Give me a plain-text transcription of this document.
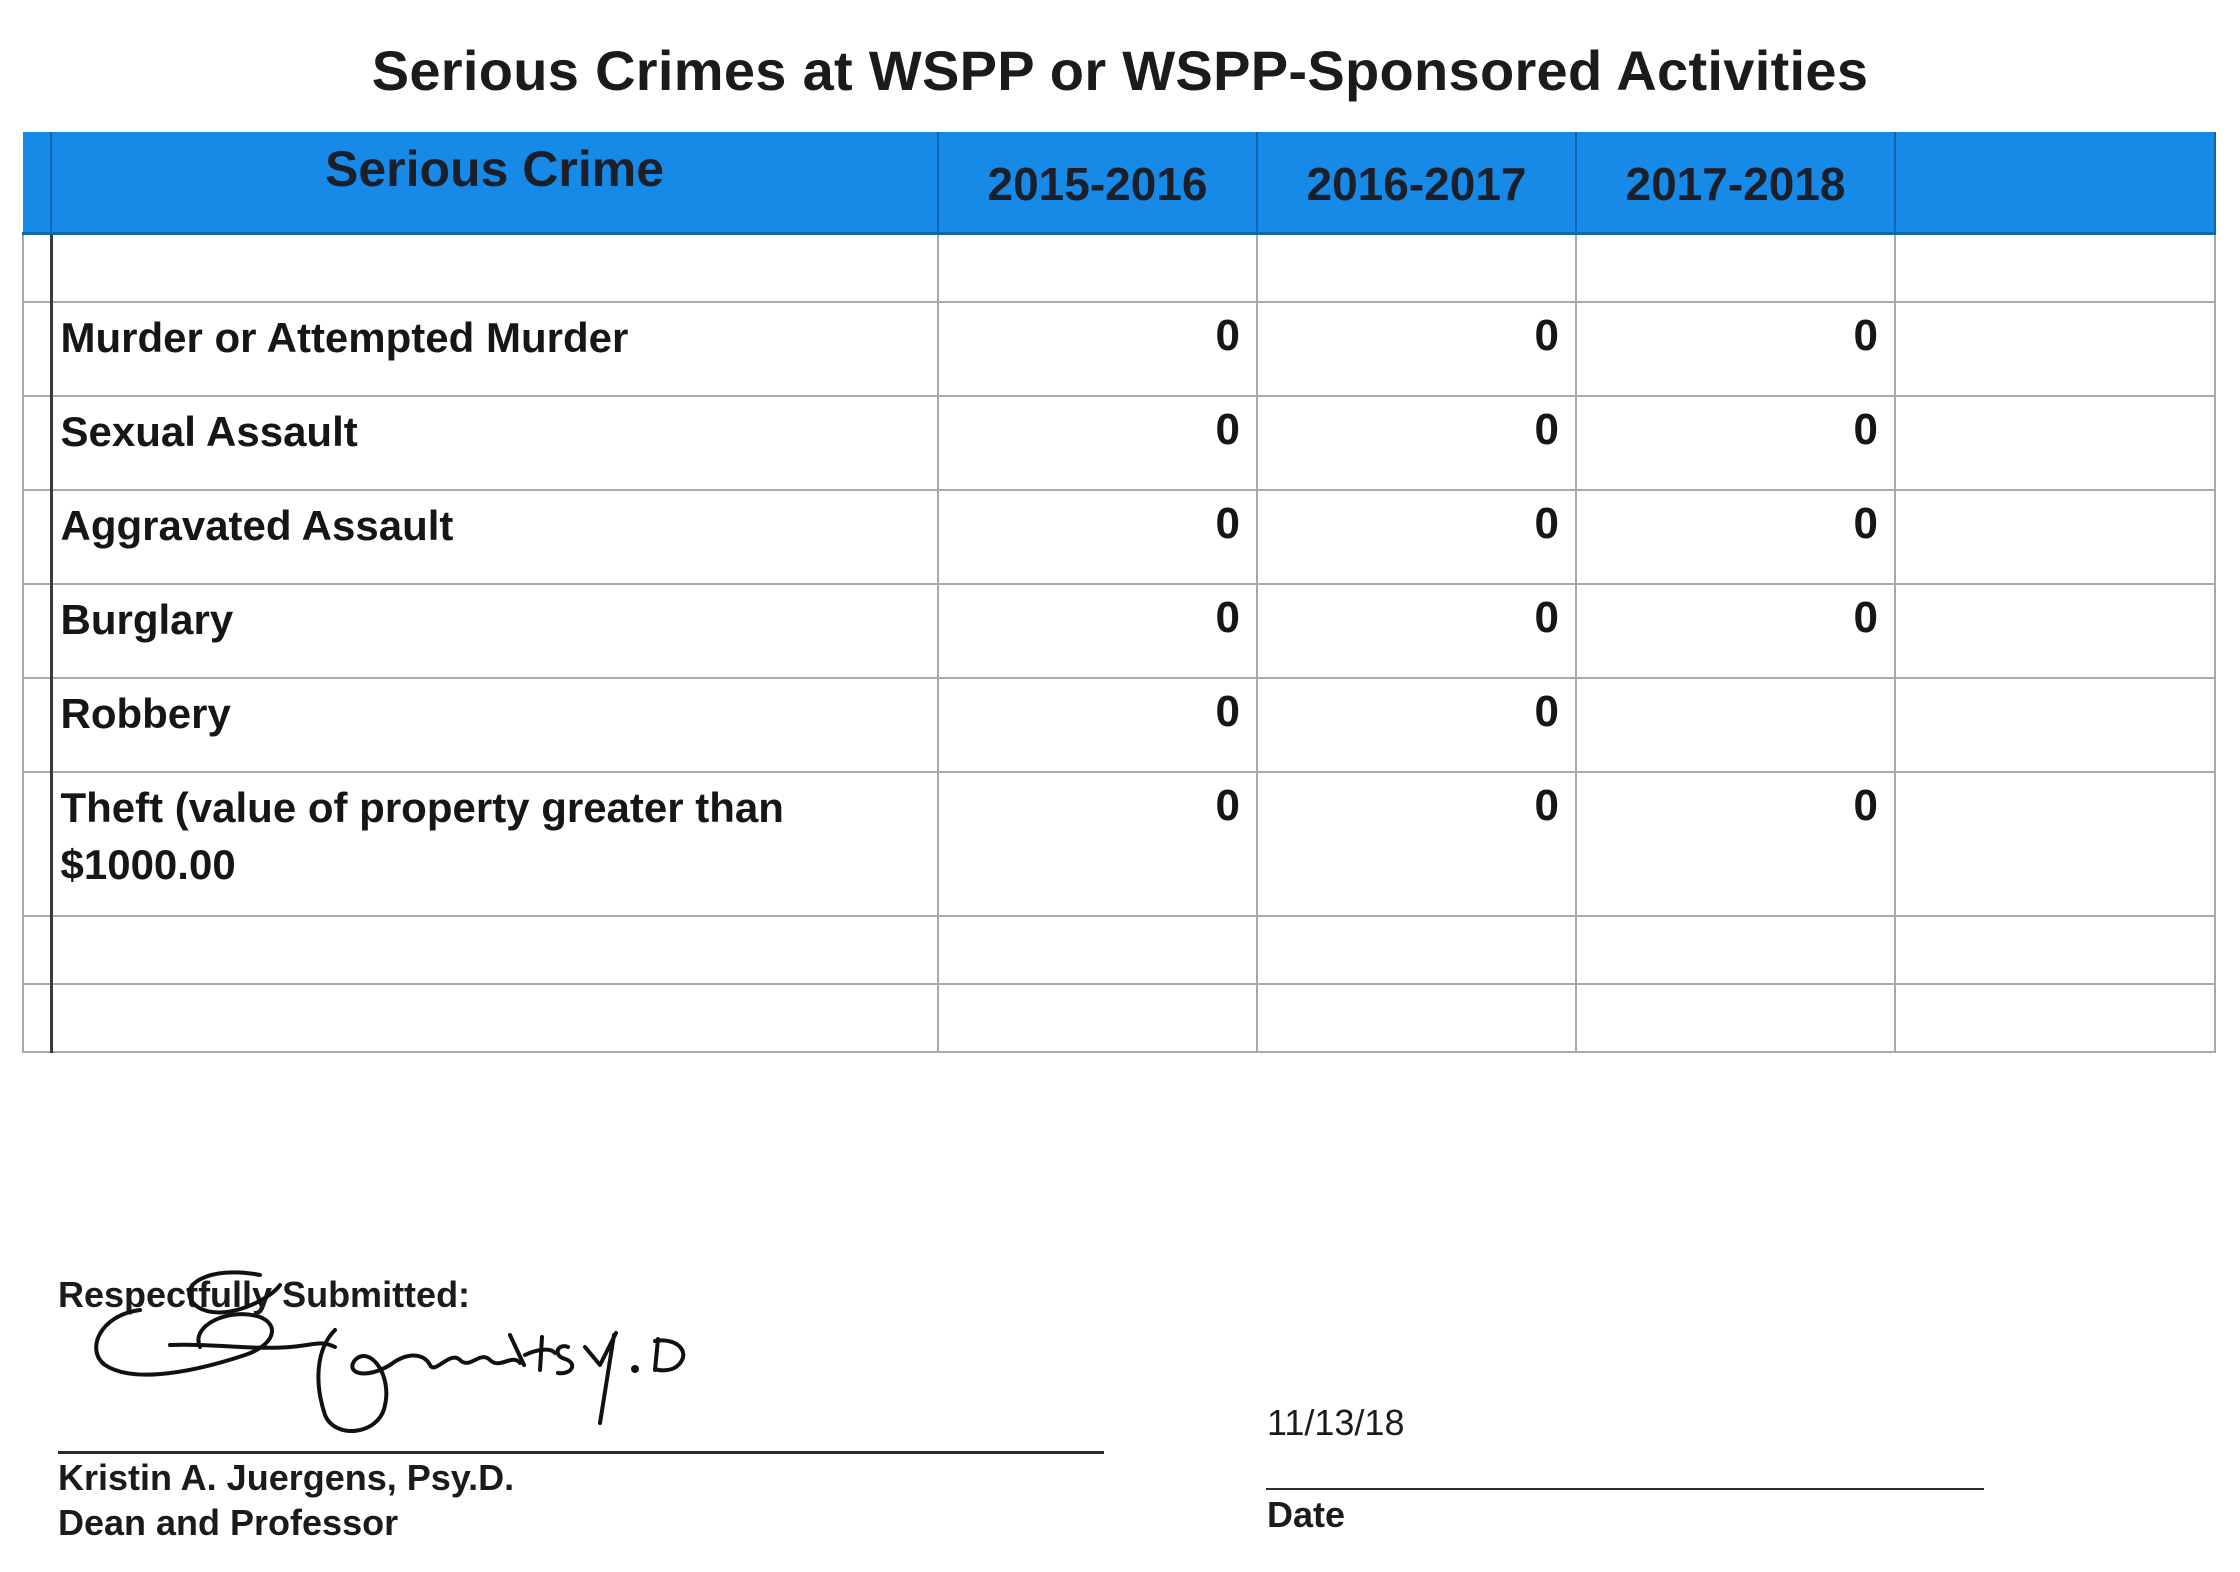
Serious Crimes at WSPP or WSPP-Sponsored Activities
	Serious Crime	2015-2016	2016-2017	2017-2018	

	Murder or Attempted Murder	0	0	0	
	Sexual Assault	0	0	0	
	Aggravated Assault	0	0	0	
	Burglary	0	0	0	
	Robbery	0	0		
	Theft (value of property greater than $1000.00	0	0	0	

Respectfully Submitted:
Kristin A. Juergens, Psy.D.
Dean and Professor
11/13/18
Date
